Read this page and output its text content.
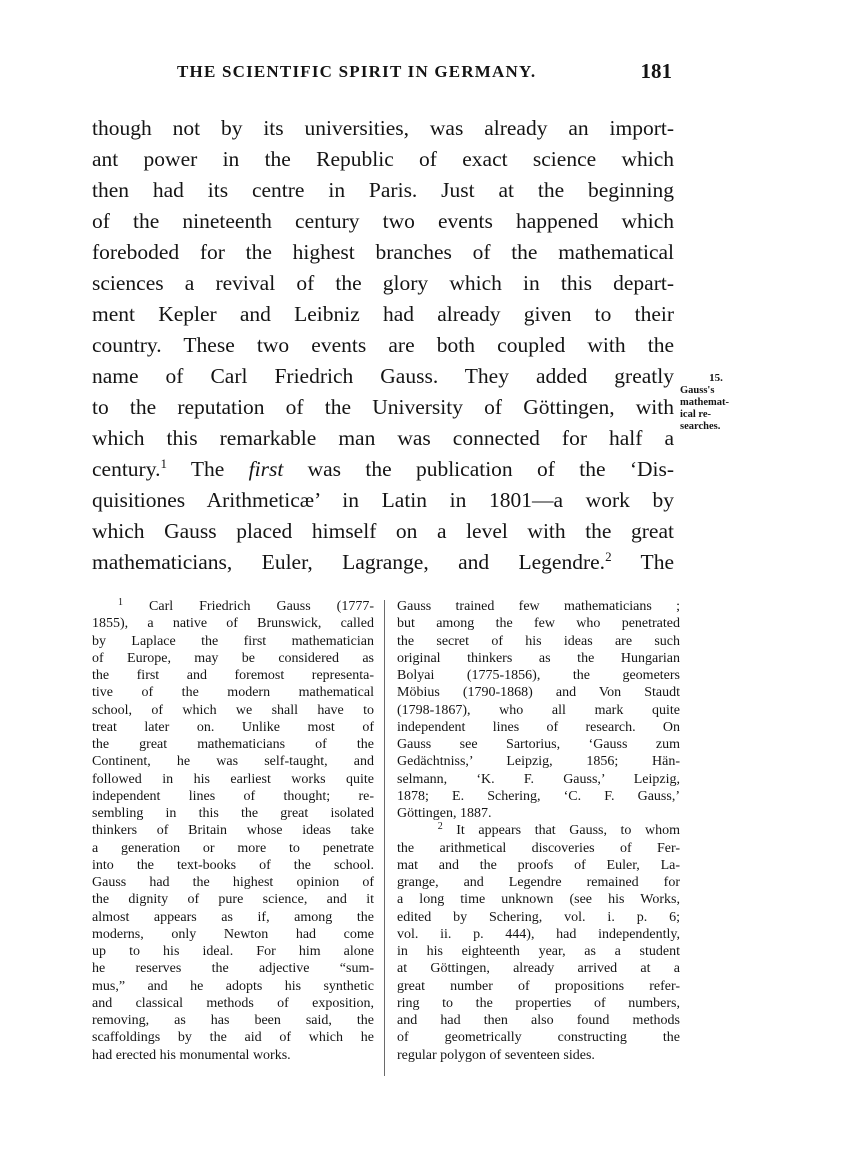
THE SCIENTIFIC SPIRIT IN GERMANY.	181
though not by its universities, was already an import-
ant power in the Republic of exact science which
then had its centre in Paris. Just at the beginning
of the nineteenth century two events happened which
foreboded for the highest branches of the mathematical
sciences a revival of the glory which in this depart-
ment Kepler and Leibniz had already given to their
country. These two events are both coupled with the
name of Carl Friedrich Gauss. They added greatly
to the reputation of the University of Göttingen, with
which this remarkable man was connected for half a
century.$^1$ The first was the publication of the ‘Dis-
quisitiones Arithmeticæ’ in Latin in 1801—a work by
which Gauss placed himself on a level with the great
mathematicians, Euler, Lagrange, and Legendre.$^2$ The
15.
Gauss's
mathemat-
ical re-
searches.
$^1$ Carl Friedrich Gauss (1777-
1855), a native of Brunswick, called
by Laplace the first mathematician
of Europe, may be considered as
the first and foremost representa-
tive of the modern mathematical
school, of which we shall have to
treat later on. Unlike most of
the great mathematicians of the
Continent, he was self-taught, and
followed in his earliest works quite
independent lines of thought; re-
sembling in this the great isolated
thinkers of Britain whose ideas take
a generation or more to penetrate
into the text-books of the school.
Gauss had the highest opinion of
the dignity of pure science, and it
almost appears as if, among the
moderns, only Newton had come
up to his ideal. For him alone
he reserves the adjective “sum-
mus,” and he adopts his synthetic
and classical methods of exposition,
removing, as has been said, the
scaffoldings by the aid of which he
had erected his monumental works.
Gauss trained few mathematicians ;
but among the few who penetrated
the secret of his ideas are such
original thinkers as the Hungarian
Bolyai (1775-1856), the geometers
Möbius (1790-1868) and Von Staudt
(1798-1867), who all mark quite
independent lines of research. On
Gauss see Sartorius, ‘Gauss zum
Gedächtniss,’ Leipzig, 1856; Hän-
selmann, ‘K. F. Gauss,’ Leipzig,
1878; E. Schering, ‘C. F. Gauss,’
Göttingen, 1887.
$^2$ It appears that Gauss, to whom
the arithmetical discoveries of Fer-
mat and the proofs of Euler, La-
grange, and Legendre remained for
a long time unknown (see his Works,
edited by Schering, vol. i. p. 6;
vol. ii. p. 444), had independently,
in his eighteenth year, as a student
at Göttingen, already arrived at a
great number of propositions refer-
ring to the properties of numbers,
and had then also found methods
of geometrically constructing the
regular polygon of seventeen sides.
